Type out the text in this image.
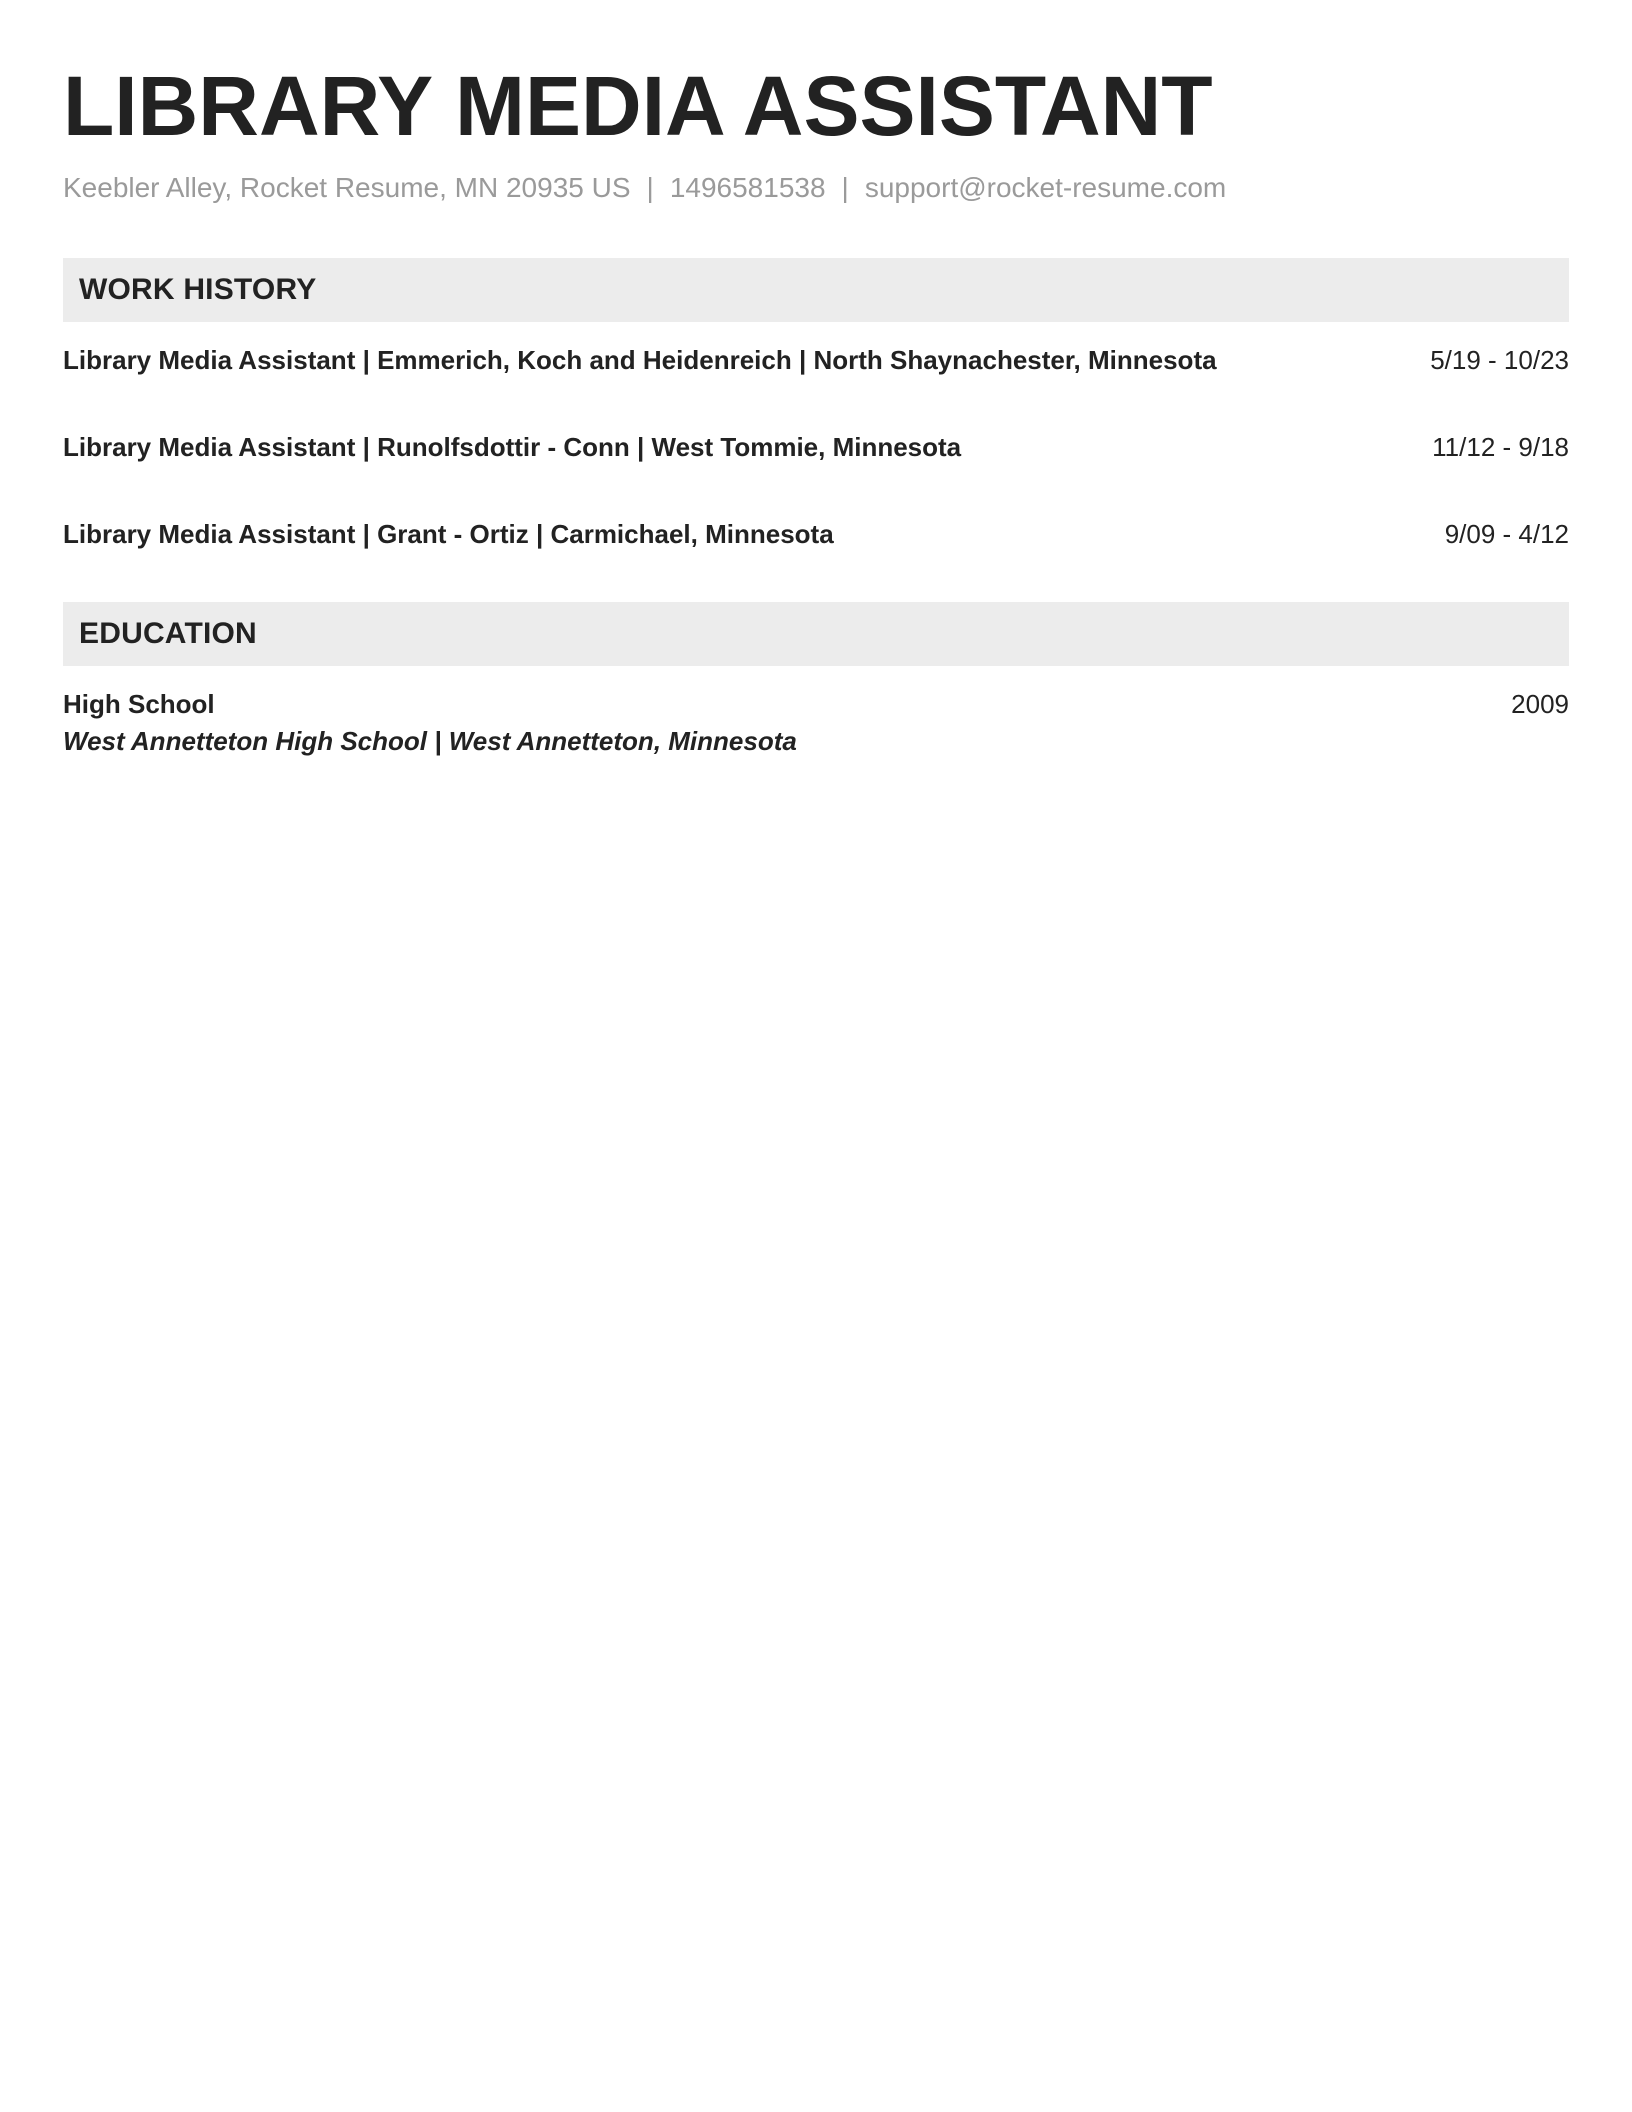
LIBRARY MEDIA ASSISTANT
Keebler Alley, Rocket Resume, MN 20935 US | 1496581538 | support@rocket-resume.com
WORK HISTORY
Library Media Assistant | Emmerich, Koch and Heidenreich | North Shaynachester, Minnesota	5/19 - 10/23
Library Media Assistant | Runolfsdottir - Conn | West Tommie, Minnesota	11/12 - 9/18
Library Media Assistant | Grant - Ortiz | Carmichael, Minnesota	9/09 - 4/12
EDUCATION
High School	2009
West Annetteton High School | West Annetteton, Minnesota
